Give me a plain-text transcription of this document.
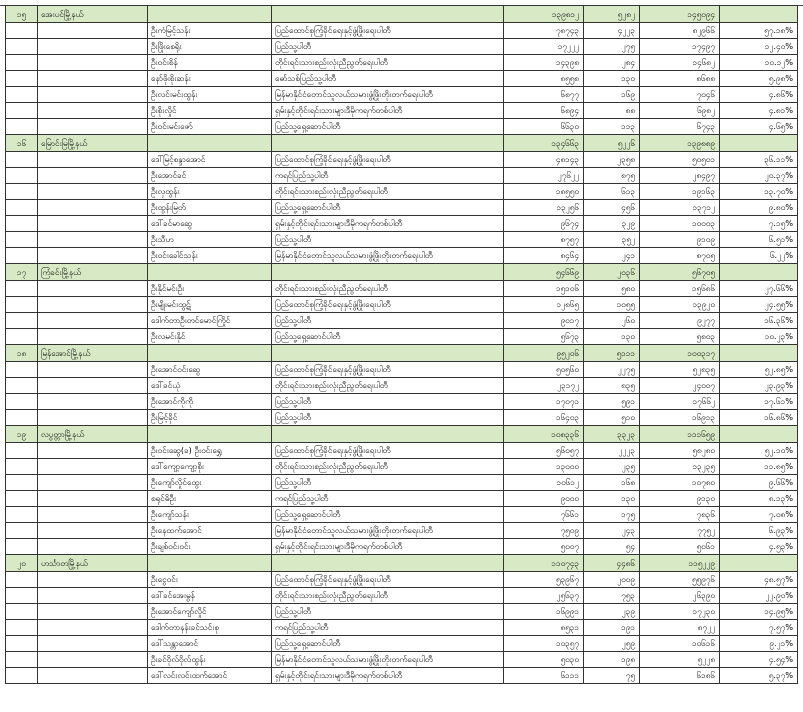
၁၅	အေးပင်မြို့နယ်			၁၃၉၈၁၂	၅၂၈၂	၁၄၅၀၉၄	
		ဦးကံမြင့်သန်း	ပြည်ထောင်စုကြံ့ခိုင်ရေးနှင့်ဖွံ့ဖြိုးရေးပါတီ	၇၈၇၄၃	၄၂၂၃	၈၂၉၆၆	၅၇.၁၈%
		ဦးဖြိုးစေရိုး	ပြည်သူ့ပါတီ	၁၇၂၂၂	၂၇၅	၁၇၄၉၇	၁၂.၄၀%
		ဦးဝင်းစိန်	တိုင်းရင်းသားစည်းလုံးညီညွတ်ရေးပါတီ	၁၄၃၉၈	၂၈၄	၁၄၆၈၂	၁၀.၁၂%
		နော်ဖိုးစိုးဆန်း	ဓော်သစ်ပြည်သူ့ပါတီ	၈၅၅၈	၁၃၀	၈၆၈၈	၅.၉၈%
		ဦးလင်းမင်းထွန်း	မြန်မာနိုင်ငံတောင်သူလယ်သမားဖွံ့ဖြိုးတိုးတက်ရေးပါတီ	၆၈၇၇	၁၆၉	၇၀၄၆	၄.၈၆%
		ဦးစိုးလှိုင်	ရှမ်းနှင့်တိုင်းရင်းသားများဒီမိုကရက်တစ်ပါတီ	၆၈၉၄	၈၈	၆၉၈၂	၄.၈၁%
		ဦးဝင်းမင်းဇော်	ပြည်သူ့ရှေ့ဆောင်ပါတီ	၆၆၃၀	၁၁၃	၆၇၄၃	၄.၆၅%
၁၆	မြောင်းမြမြို့နယ်			၁၃၄၆၆၃	၅၂၂၆	၁၃၉၈၈၉	
		ဒေါ်မြင့်စန္ဒာအောင်	ပြည်ထောင်စုကြံ့ခိုင်ရေးနှင့်ဖွံ့ဖြိုးရေးပါတီ	၄၈၁၄၃	၂၃၅၈	၅၀၅၀၁	၃၆.၁၁%
		ဦးအောင်ခင်	ကရင်ပြည်သူ့ပါတီ	၂၇၆၂၂	၈၇၅	၂၈၄၉၇	၂၀.၃၇%
		ဦးလှထွန်း	တိုင်းရင်းသားစည်းလုံးညီညွတ်ရေးပါတီ	၁၈၅၅၀	၆၁၃	၁၉၁၆၃	၁၃.၇၀%
		ဦးထွန်းမြတ်	ပြည်သူ့ရှေ့ဆောင်ပါတီ	၁၃၂၅၆	၄၅၆	၁၃၇၁၂	၉.၈၀%
		ဒေါ်ခင်မာဆွေ	ရှမ်းနှင့်တိုင်းရင်းသားများဒီမိုကရက်တစ်ပါတီ	၉၆၇၄	၃၂၉	၁၀၀၀၃	၇.၁၅%
		ဦးသီဟ	ပြည်သူ့ပါတီ	၈၇၅၇	၃၅၂	၉၁၀၉	၆.၅၁%
		ဦးဝင်းခေါင်သန်း	မြန်မာနိုင်ငံတောင်သူလယ်သမားဖွံ့ဖြိုးတိုးတက်ရေးပါတီ	၈၄၆၄	၂၄၁	၈၇၀၅	၆.၂၂%
၁၇	ကြံခင်းမြို့နယ်			၅၄၆၆၉	၂၀၃၆	၅၆၇၀၅	
		ဦးနိုင်မင်းဦး	တိုင်းရင်းသားစည်းလုံးညီညွတ်ရေးပါတီ	၁၅၁၀၆	၅၈၀	၁၅၆၈၆	၂၇.၆၆%
		ဦးမျိုးမင်းထွဋ်	ပြည်ထောင်စုကြံ့ခိုင်ရေးနှင့်ဖွံ့ဖြိုးရေးပါတီ	၁၂၈၆၅	၁၀၅၅	၁၃၉၂၀	၂၄.၅၅%
		ဒေါက်တာဦးတင်မောင်ကြိုင်	ပြည်သူ့ပါတီ	၉၀၁၇	၂၆၀	၉၂၇၇	၁၆.၃၆%
		ဦးလမင်းနိုင်	ပြည်သူ့ရှေ့ဆောင်ပါတီ	၅၆၇၃	၁၃၀	၅၈၀၃	၁၀.၂၃%
၁၈	မြန်အောင်မြို့နယ်			၉၅၂၀၆	၅၁၁၁	၁၀၀၃၁၇	
		ဦးအောင်ဝင်းဆွေ	ပြည်ထောင်စုကြံ့ခိုင်ရေးနှင့်ဖွံ့ဖြိုးရေးပါတီ	၅၀၅၆၀	၂၂၇၅	၅၂၈၃၅	၅၂.၈၅%
		ဒေါ်ခင်ယုံ	တိုင်းရင်းသားစည်းလုံးညီညွတ်ရေးပါတီ	၂၃၁၇၂	၈၃၅	၂၄၀၀၇	၂၃.၉၃%
		ဦးအောင်ကိုကို	ပြည်သူ့ပါတီ	၁၇၀၇၁	၅၉၁	၁၇၆၆၂	၁၇.၆၁%
		ဦးမြင့်ခိုင်	ပြည်သူ့ပါတီ	၁၆၄၀၃	၅၁၀	၁၆၉၁၃	၁၆.၈၆%
၁၉	လပွတ္တာမြို့နယ်			၁၀၈၃၃၆	၃၃၂၃	၁၁၁၆၅၉	
		ဦးဝင်းဆွေ(ခ) ဦးဝင်းရွှေ	ပြည်ထောင်စုကြံ့ခိုင်ရေးနှင့်ဖွံ့ဖြိုးရေးပါတီ	၅၆၀၅၇	၂၂၂၃	၅၈၂၈၀	၅၂.၁၀%
		ဒေါ်ကျော့ကျော့စိုး	တိုင်းရင်းသားစည်းလုံးညီညွတ်ရေးပါတီ	၁၃၀၀၀	၂၃၅	၁၃၂၃၅	၁၁.၈၅%
		ဦးကျော်လှိုင်ထွေး	ပြည်သူ့ပါတီ	၁၀၆၁၂	၁၆၈	၁၀၇၈၀	၉.၆၆%
		စရုင်ဓိဦး	ကရင်ပြည်သူ့ပါတီ	၉၀၀၀	၁၃၀	၉၁၃၀	၈.၁၃%
		ဦးကျော်သန်း	ပြည်သူ့ရှေ့ဆောင်ပါတီ	၇၆၆၁	၁၇၅	၇၈၃၆	၇.၀၈%
		ဦးနေထက်အောင်	မြန်မာနိုင်ငံတောင်သူလယ်သမားဖွံ့ဖြိုးတိုးတက်ရေးပါတီ	၇၅၀၉	၂၄၃	၇၇၅၂	၆.၉၃%
		ဦးချစ်ဝင်းဝင်း	ရှမ်းနှင့်တိုင်းရင်းသားများဒီမိုကရက်တစ်ပါတီ	၅၀၀၇	၅၄	၅၀၆၁	၄.၅၃%
၂၀	ဟင်္သာတမြို့နယ်			၁၁၀၇၄၃	၄၄၈၆	၁၁၅၂၂၉	
		ဦးငွေဝင်း	ပြည်ထောင်စုကြံ့ခိုင်ရေးနှင့်ဖွံ့ဖြိုးရေးပါတီ	၅၃၉၆၇	၂၀၀၉	၅၅၉၇၆	၄၈.၅၇%
		ဒေါ်ခင်အေးမွန်	တိုင်းရင်းသားစည်းလုံးညီညွတ်ရေးပါတီ	၂၅၆၃၇	၇၅၃	၂၆၃၉၀	၂၂.၉၀%
		ဦးအောင်ကျော်လှိုင်	ပြည်သူ့ပါတီ	၁၆၉၉၁	၂၃၉	၁၇၂၃၀	၁၄.၉၅%
		ဒေါက်တာနန်းခင်သင်းစု	ကရင်ပြည်သူ့ပါတီ	၈၅၃၁	၁၉၁	၈၇၂၂	၇.၅၇%
		ဒေါ်သန္တာအောင်	ပြည်သူ့ရှေ့ဆောင်ပါတီ	၁၀၃၅၇	၂၅၉	၁၀၆၁၆	၉.၂၁%
		ဦးခင်ဝိုလ်ဝိုလ်ထွန်း	မြန်မာနိုင်ငံတောင်သူလယ်သမားဖွံ့ဖြိုးတိုးတက်ရေးပါတီ	၅၀၃၀	၁၉၈	၅၂၂၈	၄.၅၄%
		ဒေါ်လင်းလင်းထက်အောင်	ရှမ်းနှင့်တိုင်းရင်းသားများဒီမိုကရက်တစ်ပါတီ	၆၁၁၁	၇၅	၆၁၈၆	၅.၃၇%
